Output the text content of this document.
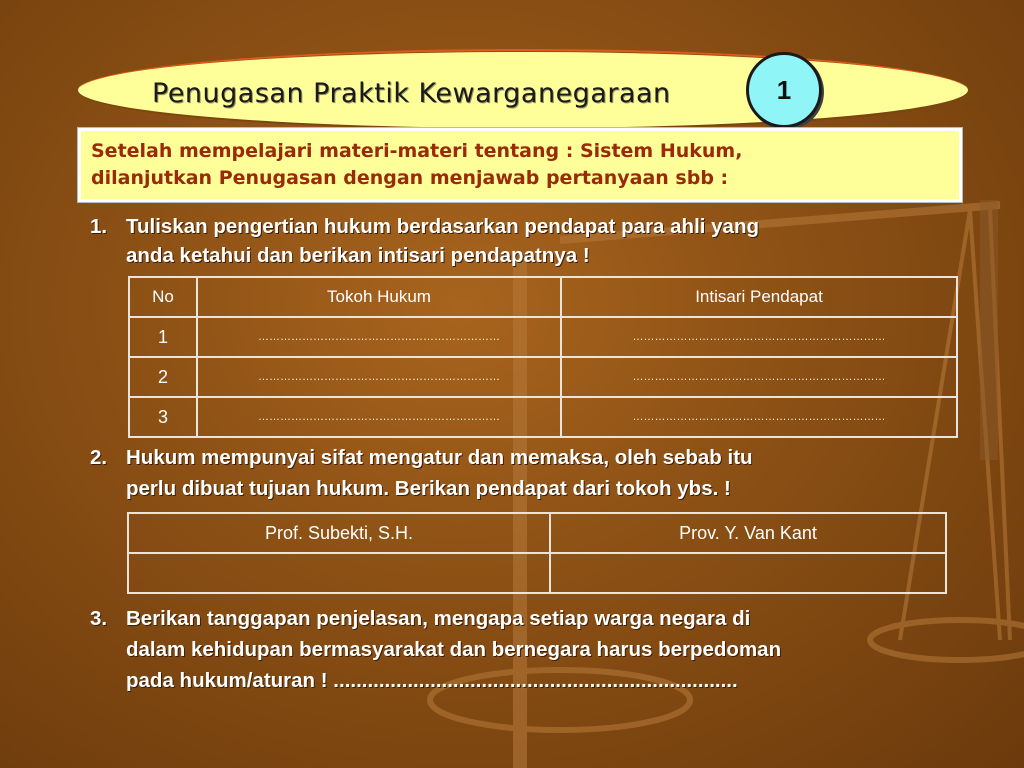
Penugasan Praktik Kewarganegaraan	1
Setelah mempelajari materi-materi tentang : Sistem Hukum,
dilanjutkan Penugasan dengan menjawab pertanyaan sbb :
1. Tuliskan pengertian hukum berdasarkan pendapat para ahli yang
anda ketahui dan berikan intisari pendapatnya !
No	Tokoh Hukum	Intisari Pendapat
1	…………………………………………………………	……………………………………………………………
2	…………………………………………………………	……………………………………………………………
3	…………………………………………………………	……………………………………………………………
2. Hukum mempunyai sifat mengatur dan memaksa, oleh sebab itu
perlu dibuat tujuan hukum. Berikan pendapat dari tokoh ybs. !
Prof. Subekti, S.H.	Prov. Y. Van Kant

3. Berikan tanggapan penjelasan, mengapa setiap warga negara di
dalam kehidupan bermasyarakat dan bernegara harus berpedoman
pada hukum/aturan ! .......................................................................
